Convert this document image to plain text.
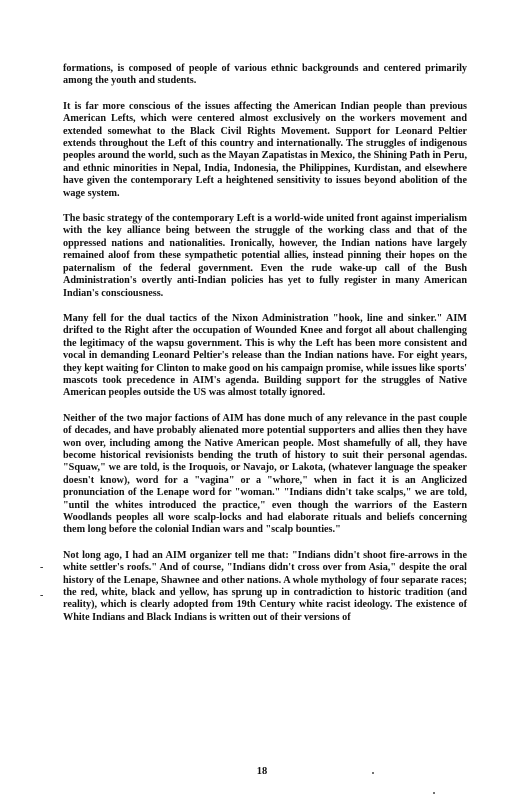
formations, is composed of people of various ethnic backgrounds and centered primarily among the youth and students.

It is far more conscious of the issues affecting the American Indian people than previous American Lefts, which were centered almost exclusively on the workers movement and extended somewhat to the Black Civil Rights Movement. Support for Leonard Peltier extends throughout the Left of this country and internationally. The struggles of indigenous peoples around the world, such as the Mayan Zapatistas in Mexico, the Shining Path in Peru, and ethnic minorities in Nepal, India, Indonesia, the Philippines, Kurdistan, and elsewhere have given the contemporary Left a heightened sensitivity to issues beyond abolition of the wage system.

The basic strategy of the contemporary Left is a world-wide united front against imperialism with the key alliance being between the struggle of the working class and that of the oppressed nations and nationalities. Ironically, however, the Indian nations have largely remained aloof from these sympathetic potential allies, instead pinning their hopes on the paternalism of the federal government. Even the rude wake-up call of the Bush Administration's overtly anti-Indian policies has yet to fully register in many American Indian's consciousness.

Many fell for the dual tactics of the Nixon Administration "hook, line and sinker." AIM drifted to the Right after the occupation of Wounded Knee and forgot all about challenging the legitimacy of the wapsu government. This is why the Left has been more consistent and vocal in demanding Leonard Peltier's release than the Indian nations have. For eight years, they kept waiting for Clinton to make good on his campaign promise, while issues like sports' mascots took precedence in AIM's agenda. Building support for the struggles of Native American peoples outside the US was almost totally ignored.

Neither of the two major factions of AIM has done much of any relevance in the past couple of decades, and have probably alienated more potential supporters and allies then they have won over, including among the Native American people. Most shamefully of all, they have become historical revisionists bending the truth of history to suit their personal agendas. "Squaw," we are told, is the Iroquois, or Navajo, or Lakota, (whatever language the speaker doesn't know), word for a "vagina" or a "whore," when in fact it is an Anglicized pronunciation of the Lenape word for "woman." "Indians didn't take scalps," we are told, "until the whites introduced the practice," even though the warriors of the Eastern Woodlands peoples all wore scalp-locks and had elaborate rituals and beliefs concerning them long before the colonial Indian wars and "scalp bounties."

Not long ago, I had an AIM organizer tell me that: "Indians didn't shoot fire-arrows in the white settler's roofs." And of course, "Indians didn't cross over from Asia," despite the oral history of the Lenape, Shawnee and other nations. A whole mythology of four separate races; the red, white, black and yellow, has sprung up in contradiction to historic tradition (and reality), which is clearly adopted from 19th Century white racist ideology. The existence of White Indians and Black Indians is written out of their versions of

-
-
18
